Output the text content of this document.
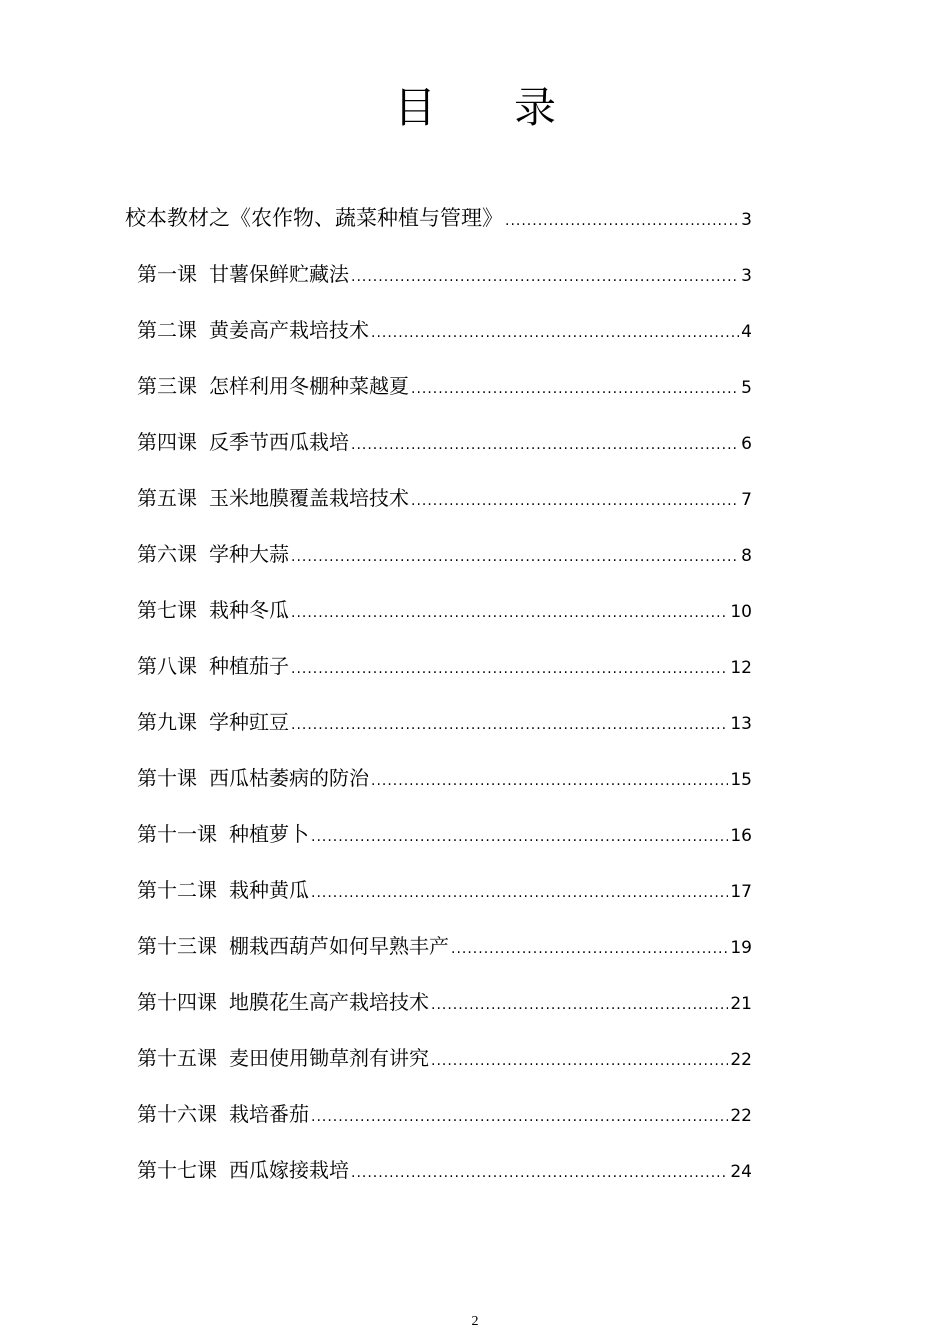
目 录
校本教材之《农作物、蔬菜种植与管理》 .....	3
第一课 甘薯保鲜贮藏法 .....	3
第二课 黄姜高产栽培技术 .....	4
第三课 怎样利用冬棚种菜越夏 .....	5
第四课 反季节西瓜栽培 .....	6
第五课 玉米地膜覆盖栽培技术 .....	7
第六课 学种大蒜 .....	8
第七课 栽种冬瓜 .....	10
第八课 种植茄子 .....	12
第九课 学种豇豆 .....	13
第十课 西瓜枯萎病的防治 .....	15
第十一课 种植萝卜 .....	16
第十二课 栽种黄瓜 .....	17
第十三课 棚栽西葫芦如何早熟丰产 .....	19
第十四课 地膜花生高产栽培技术 .....	21
第十五课 麦田使用锄草剂有讲究 .....	22
第十六课 栽培番茄 .....	22
第十七课 西瓜嫁接栽培 .....	24
2
